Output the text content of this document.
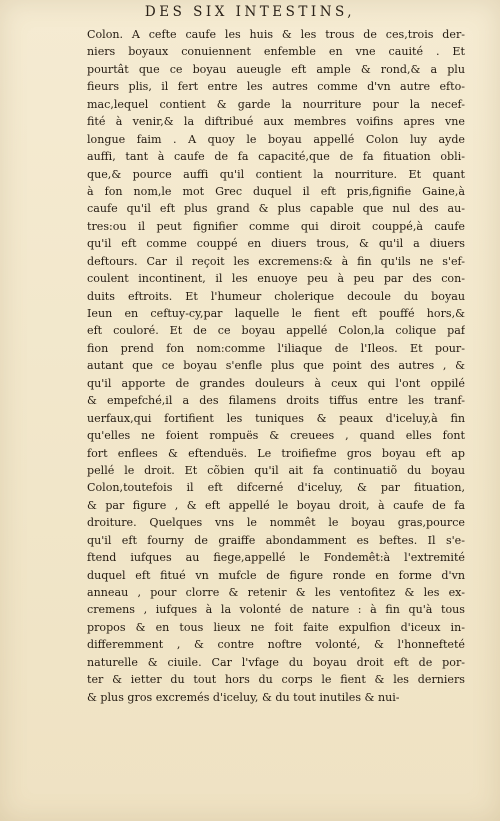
DES SIX INTESTINS,
Colon. A cefte caufe les huis & les trous de ces,trois der-
niers boyaux conuiennent enfemble en vne cauité . Et
pourtât que ce boyau aueugle eft ample & rond,& a plu
fieurs plis, il fert entre les autres comme d'vn autre efto-
mac,lequel contient & garde la nourriture pour la necef-
fité à venir,& la diftribué aux membres voifins apres vne
longue faim . A quoy le boyau appellé Colon luy ayde
auffi, tant à caufe de fa capacité,que de fa fituation obli-
que,& pource auffi qu'il contient la nourriture. Et quant
à fon nom,le mot Grec duquel il eft pris,fignifie Gaine,à
caufe qu'il eft plus grand & plus capable que nul des au-
tres:ou il peut fignifier comme qui diroit couppé,à caufe
qu'il eft comme couppé en diuers trous, & qu'il a diuers
deftours. Car il reçoit les excremens:& à fin qu'ils ne s'ef-
coulent incontinent, il les enuoye peu à peu par des con-
duits eftroits. Et l'humeur cholerique decoule du boyau
Ieun en ceftuy-cy,par laquelle le fient eft pouffé hors,&
eft couloré. Et de ce boyau appellé Colon,la colique paf
fion prend fon nom:comme l'iliaque de l'Ileos. Et pour-
autant que ce boyau s'enfle plus que point des autres , &
qu'il apporte de grandes douleurs à ceux qui l'ont oppilé
& empefché,il a des filamens droits tiffus entre les tranf-
uerfaux,qui fortifient les tuniques & peaux d'iceluy,à fin
qu'elles ne foient rompuës & creuees , quand elles font
fort enflees & eftenduës. Le troifiefme gros boyau eft ap
pellé le droit. Et cõbien qu'il ait fa continuatiõ du boyau
Colon,toutefois il eft difcerné d'iceluy, & par fituation,
& par figure , & eft appellé le boyau droit, à caufe de fa
droiture. Quelques vns le nommêt le boyau gras,pource
qu'il eft fourny de graiffe abondamment es beftes. Il s'e-
ftend iufques au fiege,appellé le Fondemêt:à l'extremité
duquel eft fitué vn mufcle de figure ronde en forme d'vn
anneau , pour clorre & retenir & les ventofitez & les ex-
cremens , iufques à la volonté de nature : à fin qu'à tous
propos & en tous lieux ne foit faite expulfion d'iceux in-
differemment , & contre noftre volonté, & l'honnefteté
naturelle & ciuile. Car l'vfage du boyau droit eft de por-
ter & ietter du tout hors du corps le fient & les derniers
& plus gros excremés d'iceluy, & du tout inutiles & nui-
